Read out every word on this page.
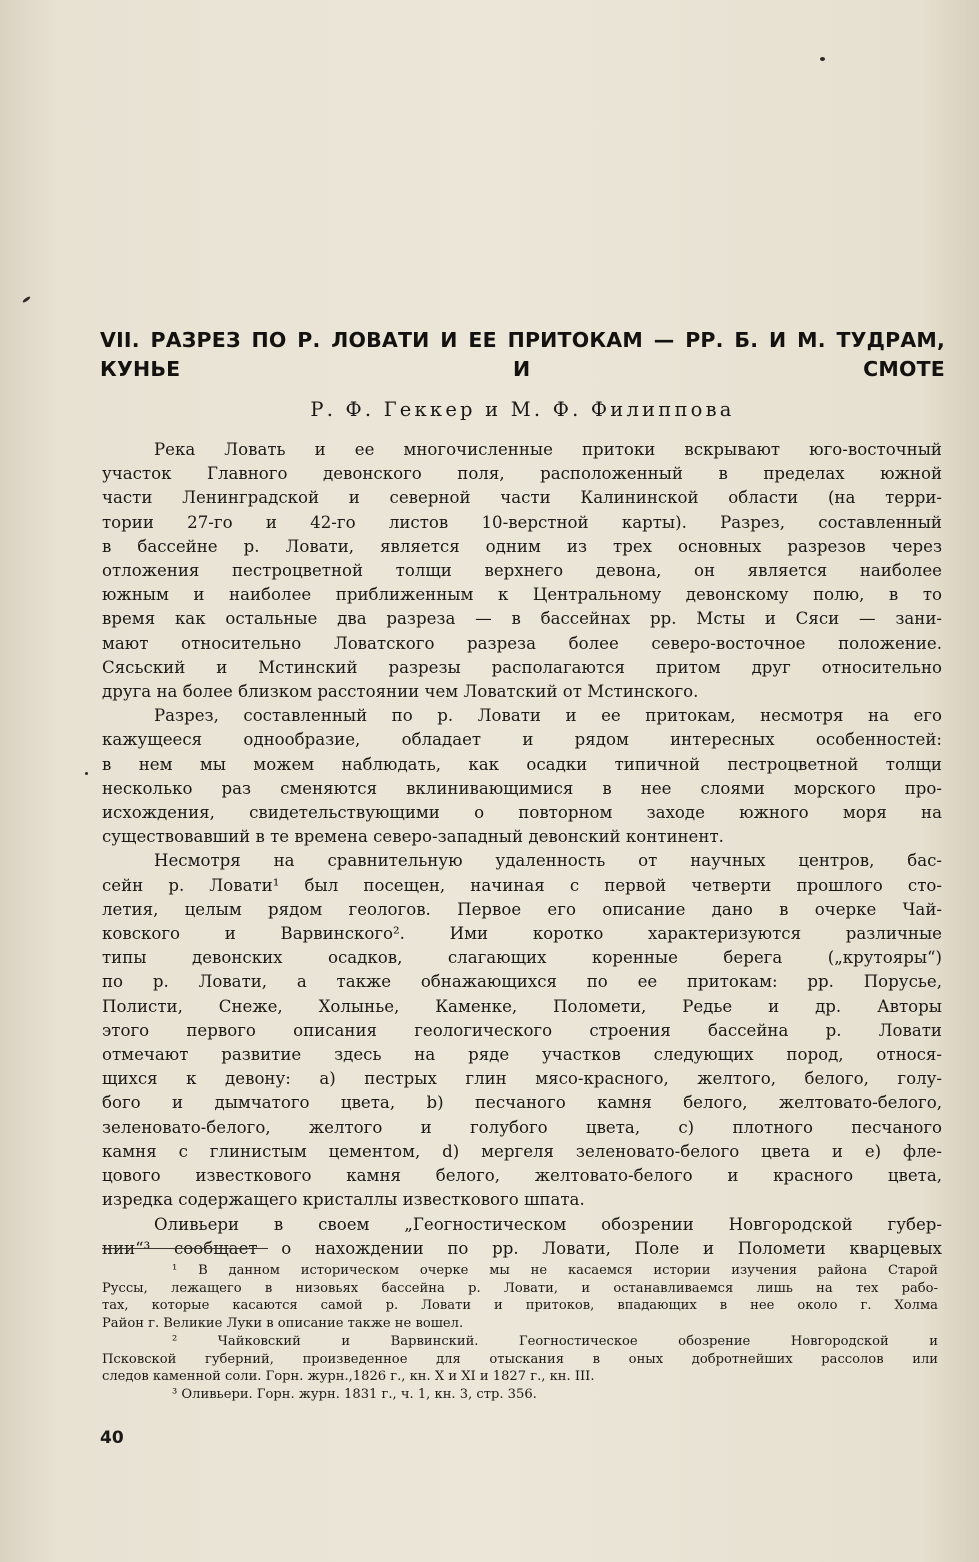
VII. РАЗРЕЗ ПО Р. ЛОВАТИ И ЕЕ ПРИТОКАМ — РР. Б. И М. ТУДРАМ,
КУНЬЕ И СМОТЕ
Р. Ф. Геккер и М. Ф. Филиппова
Река Ловать и ее многочисленные притоки вскрывают юго-восточный
участок Главного девонского поля, расположенный в пределах южной
части Ленинградской и северной части Калининской области (на терри-
тории 27-го и 42-го листов 10-верстной карты). Разрез, составленный
в бассейне р. Ловати, является одним из трех основных разрезов через
отложения пестроцветной толщи верхнего девона, он является наиболее
южным и наиболее приближенным к Центральному девонскому полю, в то
время как остальные два разреза — в бассейнах рр. Мсты и Сяси — зани-
мают относительно Ловатского разреза более северо-восточное положение.
Сясьский и Мстинский разрезы располагаются притом друг относительно
друга на более близком расстоянии чем Ловатский от Мстинского.
Разрез, составленный по р. Ловати и ее притокам, несмотря на его
кажущееся однообразие, обладает и рядом интересных особенностей:
в нем мы можем наблюдать, как осадки типичной пестроцветной толщи
несколько раз сменяются вклинивающимися в нее слоями морского про-
исхождения, свидетельствующими о повторном заходе южного моря на
существовавший в те времена северо-западный девонский континент.
Несмотря на сравнительную удаленность от научных центров, бас-
сейн р. Ловати¹ был посещен, начиная с первой четверти прошлого сто-
летия, целым рядом геологов. Первое его описание дано в очерке Чай-
ковского и Варвинского². Ими коротко характеризуются различные
типы девонских осадков, слагающих коренные берега („крутояры“)
по р. Ловати, а также обнажающихся по ее притокам: рр. Порусье,
Полисти, Снеже, Холынье, Каменке, Поломети, Редье и др. Авторы
этого первого описания геологического строения бассейна р. Ловати
отмечают развитие здесь на ряде участков следующих пород, относя-
щихся к девону: a) пестрых глин мясо-красного, желтого, белого, голу-
бого и дымчатого цвета, b) песчаного камня белого, желтовато-белого,
зеленовато-белого, желтого и голубого цвета, c) плотного песчаного
камня с глинистым цементом, d) мергеля зеленовато-белого цвета и e) фле-
цового известкового камня белого, желтовато-белого и красного цвета,
изредка содержащего кристаллы известкового шпата.
Оливьери в своем „Геогностическом обозрении Новгородской губер-
нии“³ сообщает о нахождении по рр. Ловати, Поле и Поломети кварцевых
¹ В данном историческом очерке мы не касаемся истории изучения района Старой
Руссы, лежащего в низовьях бассейна р. Ловати, и останавливаемся лишь на тех рабо-
тах, которые касаются самой р. Ловати и притоков, впадающих в нее около г. Холма
Район г. Великие Луки в описание также не вошел.
² Чайковский и Варвинский. Геогностическое обозрение Новгородской и
Псковской губерний, произведенное для отыскания в оных добротнейших рассолов или
следов каменной соли. Горн. журн.,1826 г., кн. X и XI и 1827 г., кн. III.
³ Оливьери. Горн. журн. 1831 г., ч. 1, кн. 3, стр. 356.
40
